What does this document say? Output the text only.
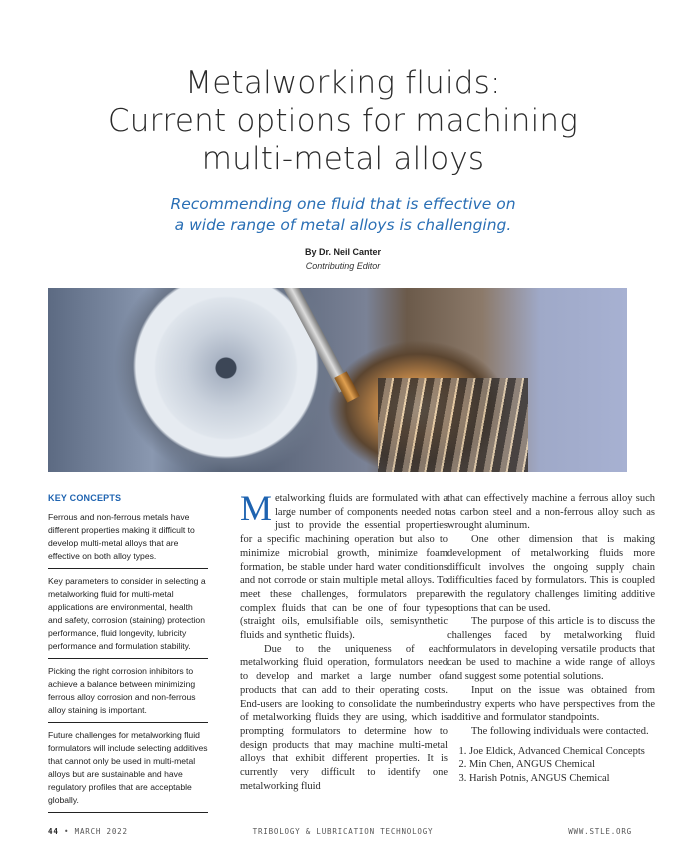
Metalworking fluids:
Current options for machining
multi-metal alloys
Recommending one fluid that is effective on
a wide range of metal alloys is challenging.
By Dr. Neil Canter
Contributing Editor
KEY CONCEPTS
Ferrous and non-ferrous metals have different properties making it difficult to develop multi-metal alloys that are effective on both alloy types.
Key parameters to consider in selecting a metalworking fluid for multi-metal applications are environmental, health and safety, corrosion (staining) protection performance, fluid longevity, lubricity performance and formulation stability.
Picking the right corrosion inhibitors to achieve a balance between minimizing ferrous alloy corrosion and non-ferrous alloy staining is important.
Future challenges for metalworking fluid formulators will include selecting additives that cannot only be used in multi-metal alloys but are sustainable and have regulatory profiles that are acceptable globally.

Metalworking fluids are formulated with a large number of components needed not just to provide the essential properties for a specific machining operation but also to minimize microbial growth, minimize foam formation, be stable under hard water conditions and not corrode or stain multiple metal alloys. To meet these challenges, formulators prepare complex fluids that can be one of four types (straight oils, emulsifiable oils, semisynthetic fluids and synthetic fluids).

Due to the uniqueness of each metalworking fluid operation, formulators need to develop and market a large number of products that can add to their operating costs. End-users are looking to consolidate the number of metalworking fluids they are using, which is prompting formulators to determine how to design products that may machine multi-metal alloys that exhibit different properties. It is currently very difficult to identify one metalworking fluid

that can effectively machine a ferrous alloy such as carbon steel and a non-ferrous alloy such as wrought aluminum.

One other dimension that is making development of metalworking fluids more difficult involves the ongoing supply chain difficulties faced by formulators. This is coupled with the regulatory challenges limiting additive options that can be used.

The purpose of this article is to discuss the challenges faced by metalworking fluid formulators in developing versatile products that can be used to machine a wide range of alloys and suggest some potential solutions.

Input on the issue was obtained from industry experts who have perspectives from the additive and formulator standpoints.

The following individuals were contacted.

1. Joe Eldick, Advanced Chemical Concepts
2. Min Chen, ANGUS Chemical
3. Harish Potnis, ANGUS Chemical
44 • MARCH 2022	TRIBOLOGY & LUBRICATION TECHNOLOGY	WWW.STLE.ORG
